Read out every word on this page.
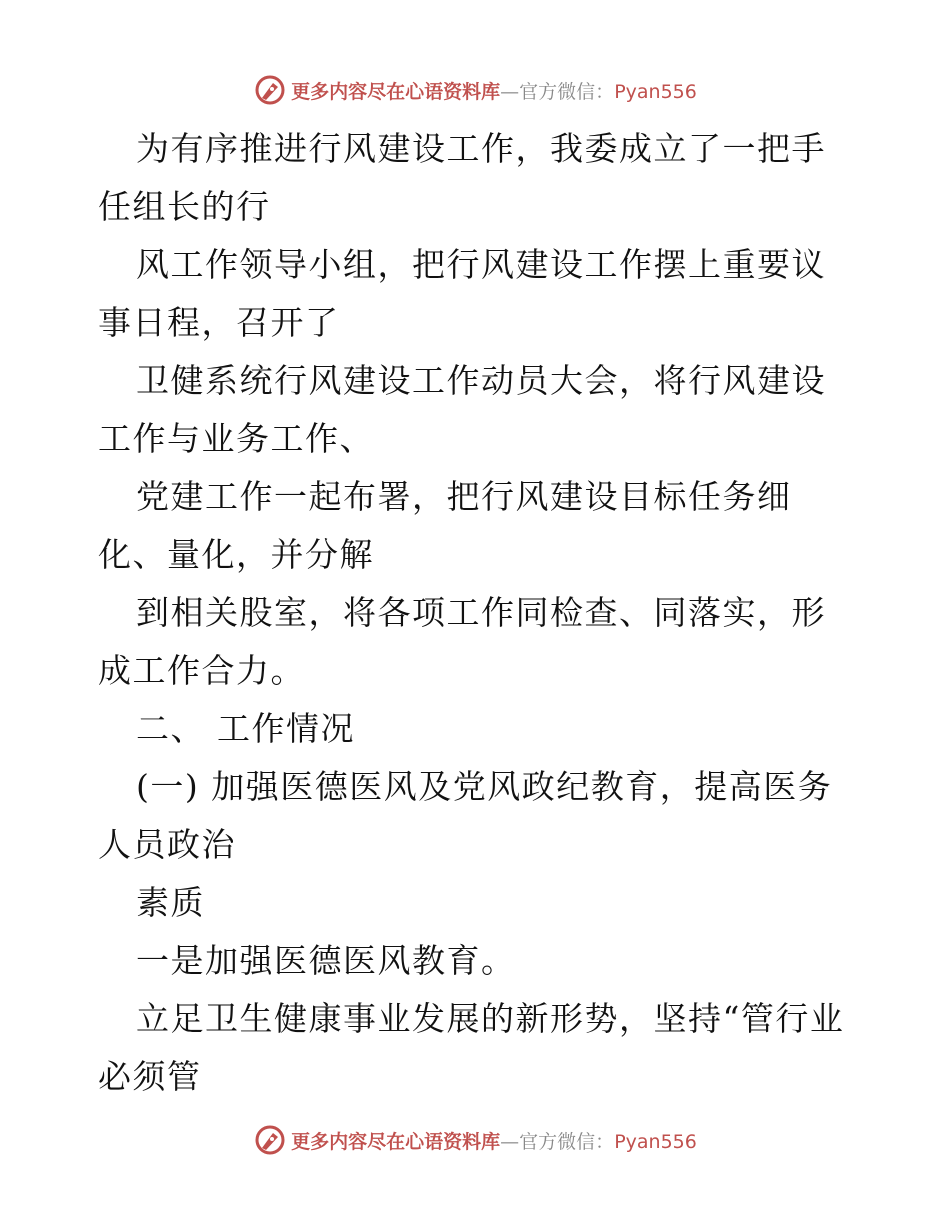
更多内容尽在心语资料库—官方微信：Pyan556

为有序推进行风建设工作，我委成立了一把手任组长的行

风工作领导小组，把行风建设工作摆上重要议事日程，召开了

卫健系统行风建设工作动员大会，将行风建设工作与业务工作、

党建工作一起布署，把行风建设目标任务细化、量化，并分解

到相关股室，将各项工作同检查、同落实，形成工作合力。

二、 工作情况

(一) 加强医德医风及党风政纪教育，提高医务人员政治

素质

一是加强医德医风教育。

立足卫生健康事业发展的新形势，坚持“管行业必须管

更多内容尽在心语资料库—官方微信：Pyan556
